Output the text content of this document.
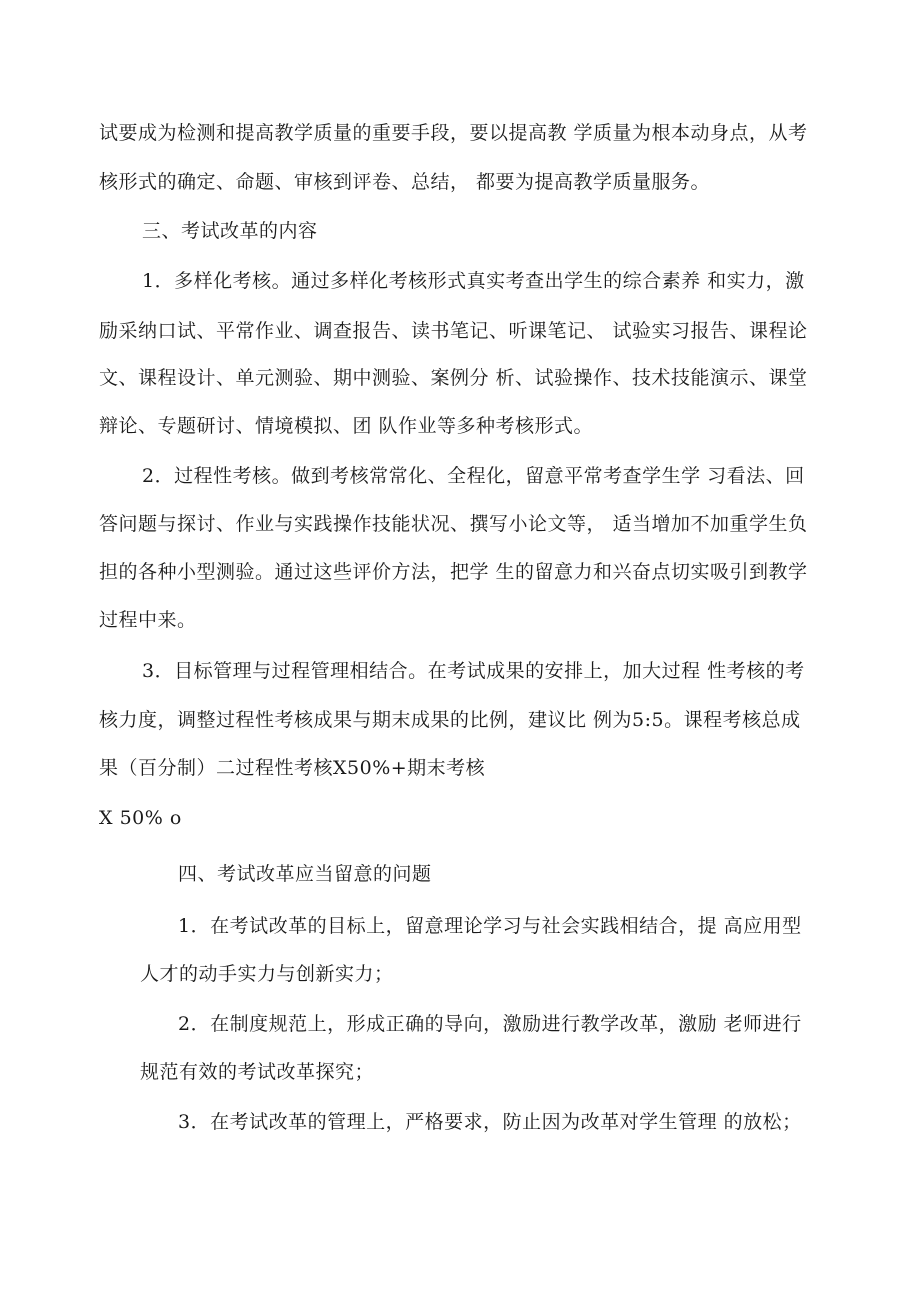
试要成为检测和提高教学质量的重要手段，要以提高教 学质量为根本动身点，从考
核形式的确定、命题、审核到评卷、总结， 都要为提高教学质量服务。
三、考试改革的内容
1．多样化考核。通过多样化考核形式真实考查出学生的综合素养 和实力，激
励采纳口试、平常作业、调查报告、读书笔记、听课笔记、 试验实习报告、课程论
文、课程设计、单元测验、期中测验、案例分 析、试验操作、技术技能演示、课堂
辩论、专题研讨、情境模拟、团 队作业等多种考核形式。
2．过程性考核。做到考核常常化、全程化，留意平常考查学生学 习看法、回
答问题与探讨、作业与实践操作技能状况、撰写小论文等， 适当增加不加重学生负
担的各种小型测验。通过这些评价方法，把学 生的留意力和兴奋点切实吸引到教学
过程中来。
3．目标管理与过程管理相结合。在考试成果的安排上，加大过程 性考核的考
核力度，调整过程性考核成果与期末成果的比例，建议比 例为5:5。课程考核总成
果（百分制）二过程性考核X50%+期末考核
X 50% o
四、考试改革应当留意的问题
1．在考试改革的目标上，留意理论学习与社会实践相结合，提 高应用型
人才的动手实力与创新实力；
2．在制度规范上，形成正确的导向，激励进行教学改革，激励 老师进行
规范有效的考试改革探究；
3．在考试改革的管理上，严格要求，防止因为改革对学生管理 的放松；
